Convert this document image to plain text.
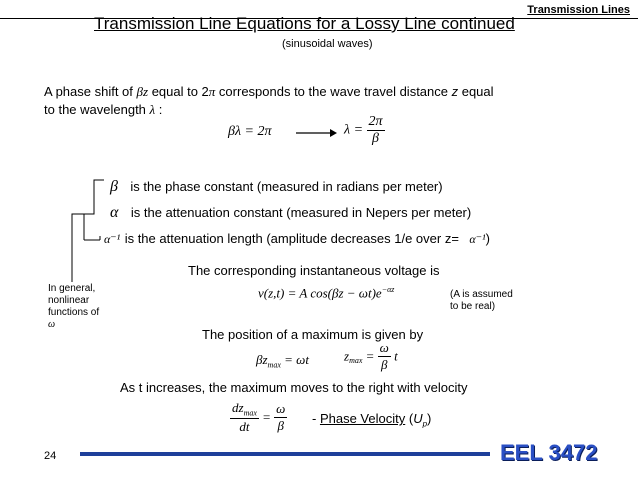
Transmission Lines
Transmission Line Equations for a Lossy Line continued
(sinusoidal waves)
A phase shift of βz equal to 2π corresponds to the wave travel distance z equal
to the wavelength λ :
βλ = 2π	$\lambda = \frac{2\pi}{\beta}$
β is the phase constant (measured in radians per meter)
α is the attenuation constant (measured in Nepers per meter)
α⁻¹ is the attenuation length (amplitude decreases 1/e over z= α⁻¹)
In general,
nonlinear
functions of
ω
The corresponding instantaneous voltage is
v(z,t) = A $\cos(\beta z - \omega t)e^{-\alpha z}$	(A is assumed
to be real)
The position of a maximum is given by
$\beta z_{max} = \omega t$	$z_{max} = \frac{\omega}{\beta}$ t
As t increases, the maximum moves to the right with velocity
$\frac{dz_{max}}{dt} = \frac{\omega}{\beta}$ - Phase Velocity $(U_p)$
24	EEL 3472
